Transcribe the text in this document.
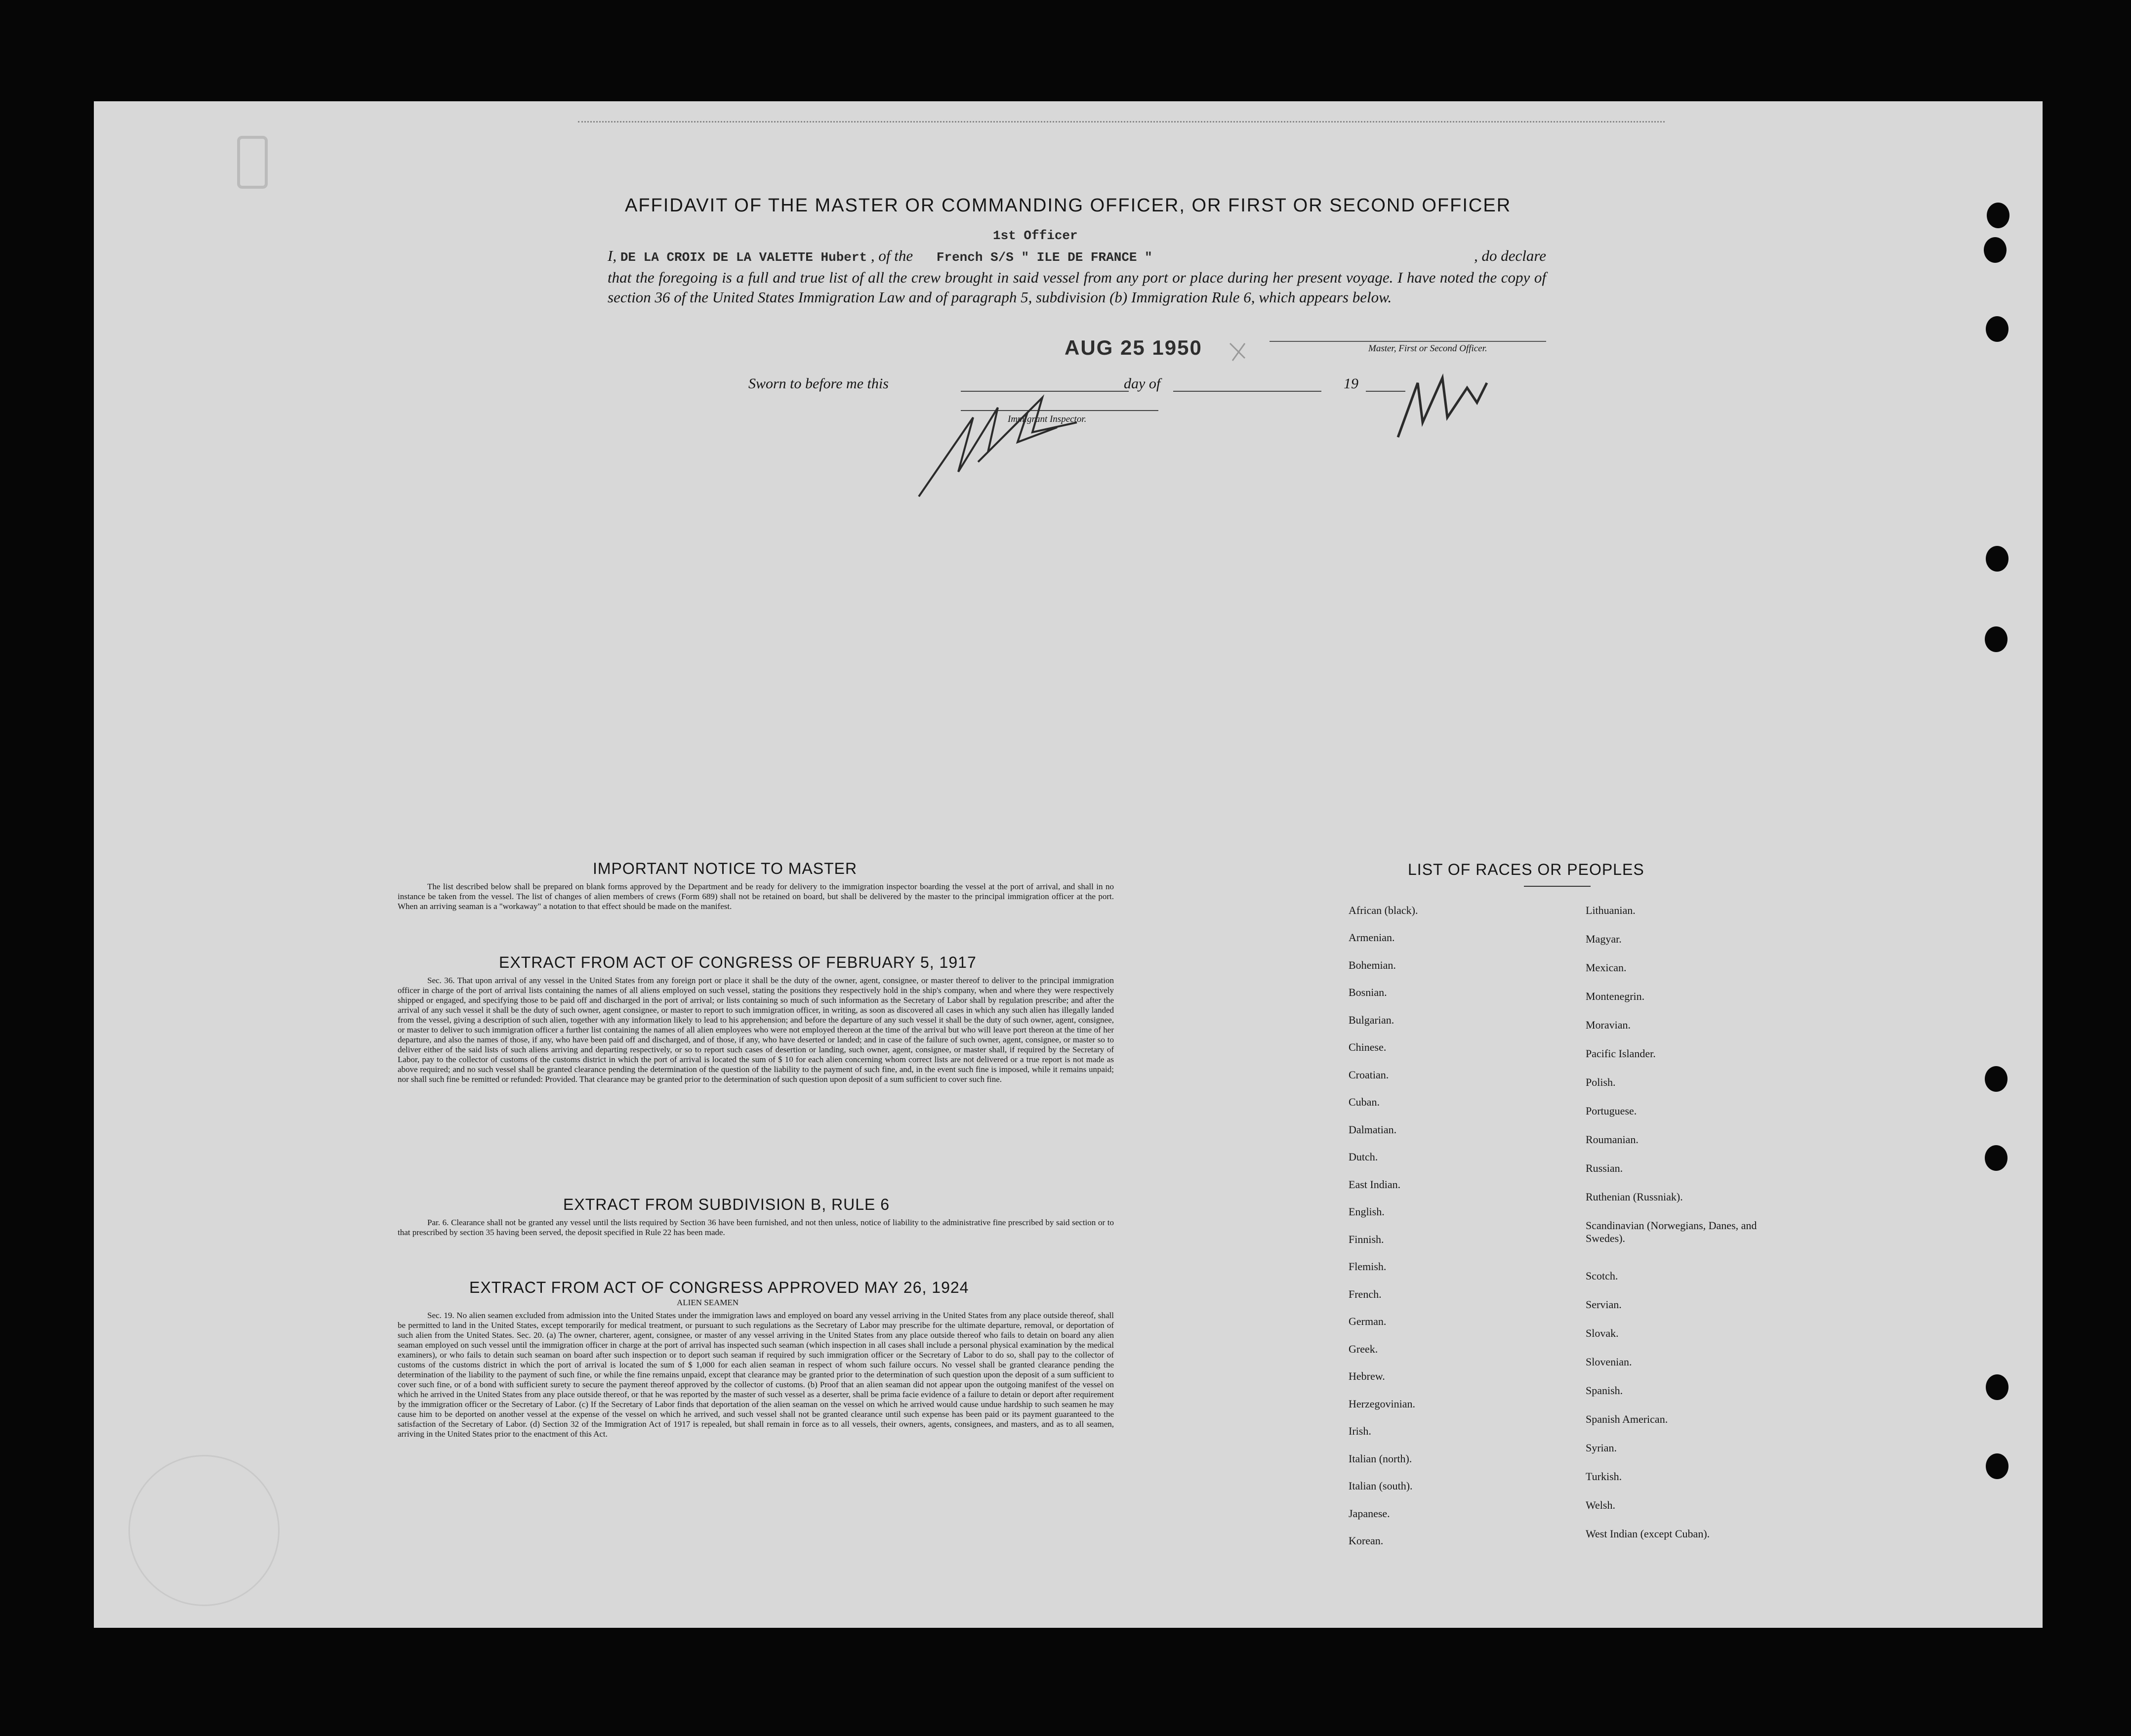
AFFIDAVIT OF THE MASTER OR COMMANDING OFFICER, OR FIRST OR SECOND OFFICER
1st Officer
I, DE LA CROIX DE LA VALETTE Hubert , of the French S/S " ILE DE FRANCE "	, do declare
that the foregoing is a full and true list of all the crew brought in said vessel from any port or place during her present voyage. I have noted the copy of section 36 of the United States Immigration Law and of paragraph 5, subdivision (b) Immigration Rule 6, which appears below.
Master, First or Second Officer.
AUG 25 1950
Sworn to before me this	day of	19
Immigrant Inspector.
IMPORTANT NOTICE TO MASTER
The list described below shall be prepared on blank forms approved by the Department and be ready for delivery to the immigration inspector boarding the vessel at the port of arrival, and shall in no instance be taken from the vessel. The list of changes of alien members of crews (Form 689) shall not be retained on board, but shall be delivered by the master to the principal immigration officer at the port. When an arriving seaman is a "workaway" a notation to that effect should be made on the manifest.
EXTRACT FROM ACT OF CONGRESS OF FEBRUARY 5, 1917
Sec. 36. That upon arrival of any vessel in the United States from any foreign port or place it shall be the duty of the owner, agent, consignee, or master thereof to deliver to the principal immigration officer in charge of the port of arrival lists containing the names of all aliens employed on such vessel, stating the positions they respectively hold in the ship's company, when and where they were respectively shipped or engaged, and specifying those to be paid off and discharged in the port of arrival; or lists containing so much of such information as the Secretary of Labor shall by regulation prescribe; and after the arrival of any such vessel it shall be the duty of such owner, agent consignee, or master to report to such immigration officer, in writing, as soon as discovered all cases in which any such alien has illegally landed from the vessel, giving a description of such alien, together with any information likely to lead to his apprehension; and before the departure of any such vessel it shall be the duty of such owner, agent, consignee, or master to deliver to such immigration officer a further list containing the names of all alien employees who were not employed thereon at the time of the arrival but who will leave port thereon at the time of her departure, and also the names of those, if any, who have been paid off and discharged, and of those, if any, who have deserted or landed; and in case of the failure of such owner, agent, consignee, or master so to deliver either of the said lists of such aliens arriving and departing respectively, or so to report such cases of desertion or landing, such owner, agent, consignee, or master shall, if required by the Secretary of Labor, pay to the collector of customs of the customs district in which the port of arrival is located the sum of $ 10 for each alien concerning whom correct lists are not delivered or a true report is not made as above required; and no such vessel shall be granted clearance pending the determination of the question of the liability to the payment of such fine, and, in the event such fine is imposed, while it remains unpaid; nor shall such fine be remitted or refunded: Provided. That clearance may be granted prior to the determination of such question upon deposit of a sum sufficient to cover such fine.
EXTRACT FROM SUBDIVISION B, RULE 6
Par. 6. Clearance shall not be granted any vessel until the lists required by Section 36 have been furnished, and not then unless, notice of liability to the administrative fine prescribed by said section or to that prescribed by section 35 having been served, the deposit specified in Rule 22 has been made.
EXTRACT FROM ACT OF CONGRESS APPROVED MAY 26, 1924
ALIEN SEAMEN
Sec. 19. No alien seamen excluded from admission into the United States under the immigration laws and employed on board any vessel arriving in the United States from any place outside thereof, shall be permitted to land in the United States, except temporarily for medical treatment, or pursuant to such regulations as the Secretary of Labor may prescribe for the ultimate departure, removal, or deportation of such alien from the United States. Sec. 20. (a) The owner, charterer, agent, consignee, or master of any vessel arriving in the United States from any place outside thereof who fails to detain on board any alien seaman employed on such vessel until the immigration officer in charge at the port of arrival has inspected such seaman (which inspection in all cases shall include a personal physical examination by the medical examiners), or who fails to detain such seaman on board after such inspection or to deport such seaman if required by such immigration officer or the Secretary of Labor to do so, shall pay to the collector of customs of the customs district in which the port of arrival is located the sum of $ 1,000 for each alien seaman in respect of whom such failure occurs. No vessel shall be granted clearance pending the determination of the liability to the payment of such fine, or while the fine remains unpaid, except that clearance may be granted prior to the determination of such question upon the deposit of a sum sufficient to cover such fine, or of a bond with sufficient surety to secure the payment thereof approved by the collector of customs. (b) Proof that an alien seaman did not appear upon the outgoing manifest of the vessel on which he arrived in the United States from any place outside thereof, or that he was reported by the master of such vessel as a deserter, shall be prima facie evidence of a failure to detain or deport after requirement by the immigration officer or the Secretary of Labor. (c) If the Secretary of Labor finds that deportation of the alien seaman on the vessel on which he arrived would cause undue hardship to such seamen he may cause him to be deported on another vessel at the expense of the vessel on which he arrived, and such vessel shall not be granted clearance until such expense has been paid or its payment guaranteed to the satisfaction of the Secretary of Labor. (d) Section 32 of the Immigration Act of 1917 is repealed, but shall remain in force as to all vessels, their owners, agents, consignees, and masters, and as to all seamen, arriving in the United States prior to the enactment of this Act.
LIST OF RACES OR PEOPLES
African (black).
Armenian.
Bohemian.
Bosnian.
Bulgarian.
Chinese.
Croatian.
Cuban.
Dalmatian.
Dutch.
East Indian.
English.
Finnish.
Flemish.
French.
German.
Greek.
Hebrew.
Herzegovinian.
Irish.
Italian (north).
Italian (south).
Japanese.
Korean.
Lithuanian.
Magyar.
Mexican.
Montenegrin.
Moravian.
Pacific Islander.
Polish.
Portuguese.
Roumanian.
Russian.
Ruthenian (Russniak).
Scandinavian (Norwegians, Danes, and Swedes).
Scotch.
Servian.
Slovak.
Slovenian.
Spanish.
Spanish American.
Syrian.
Turkish.
Welsh.
West Indian (except Cuban).
